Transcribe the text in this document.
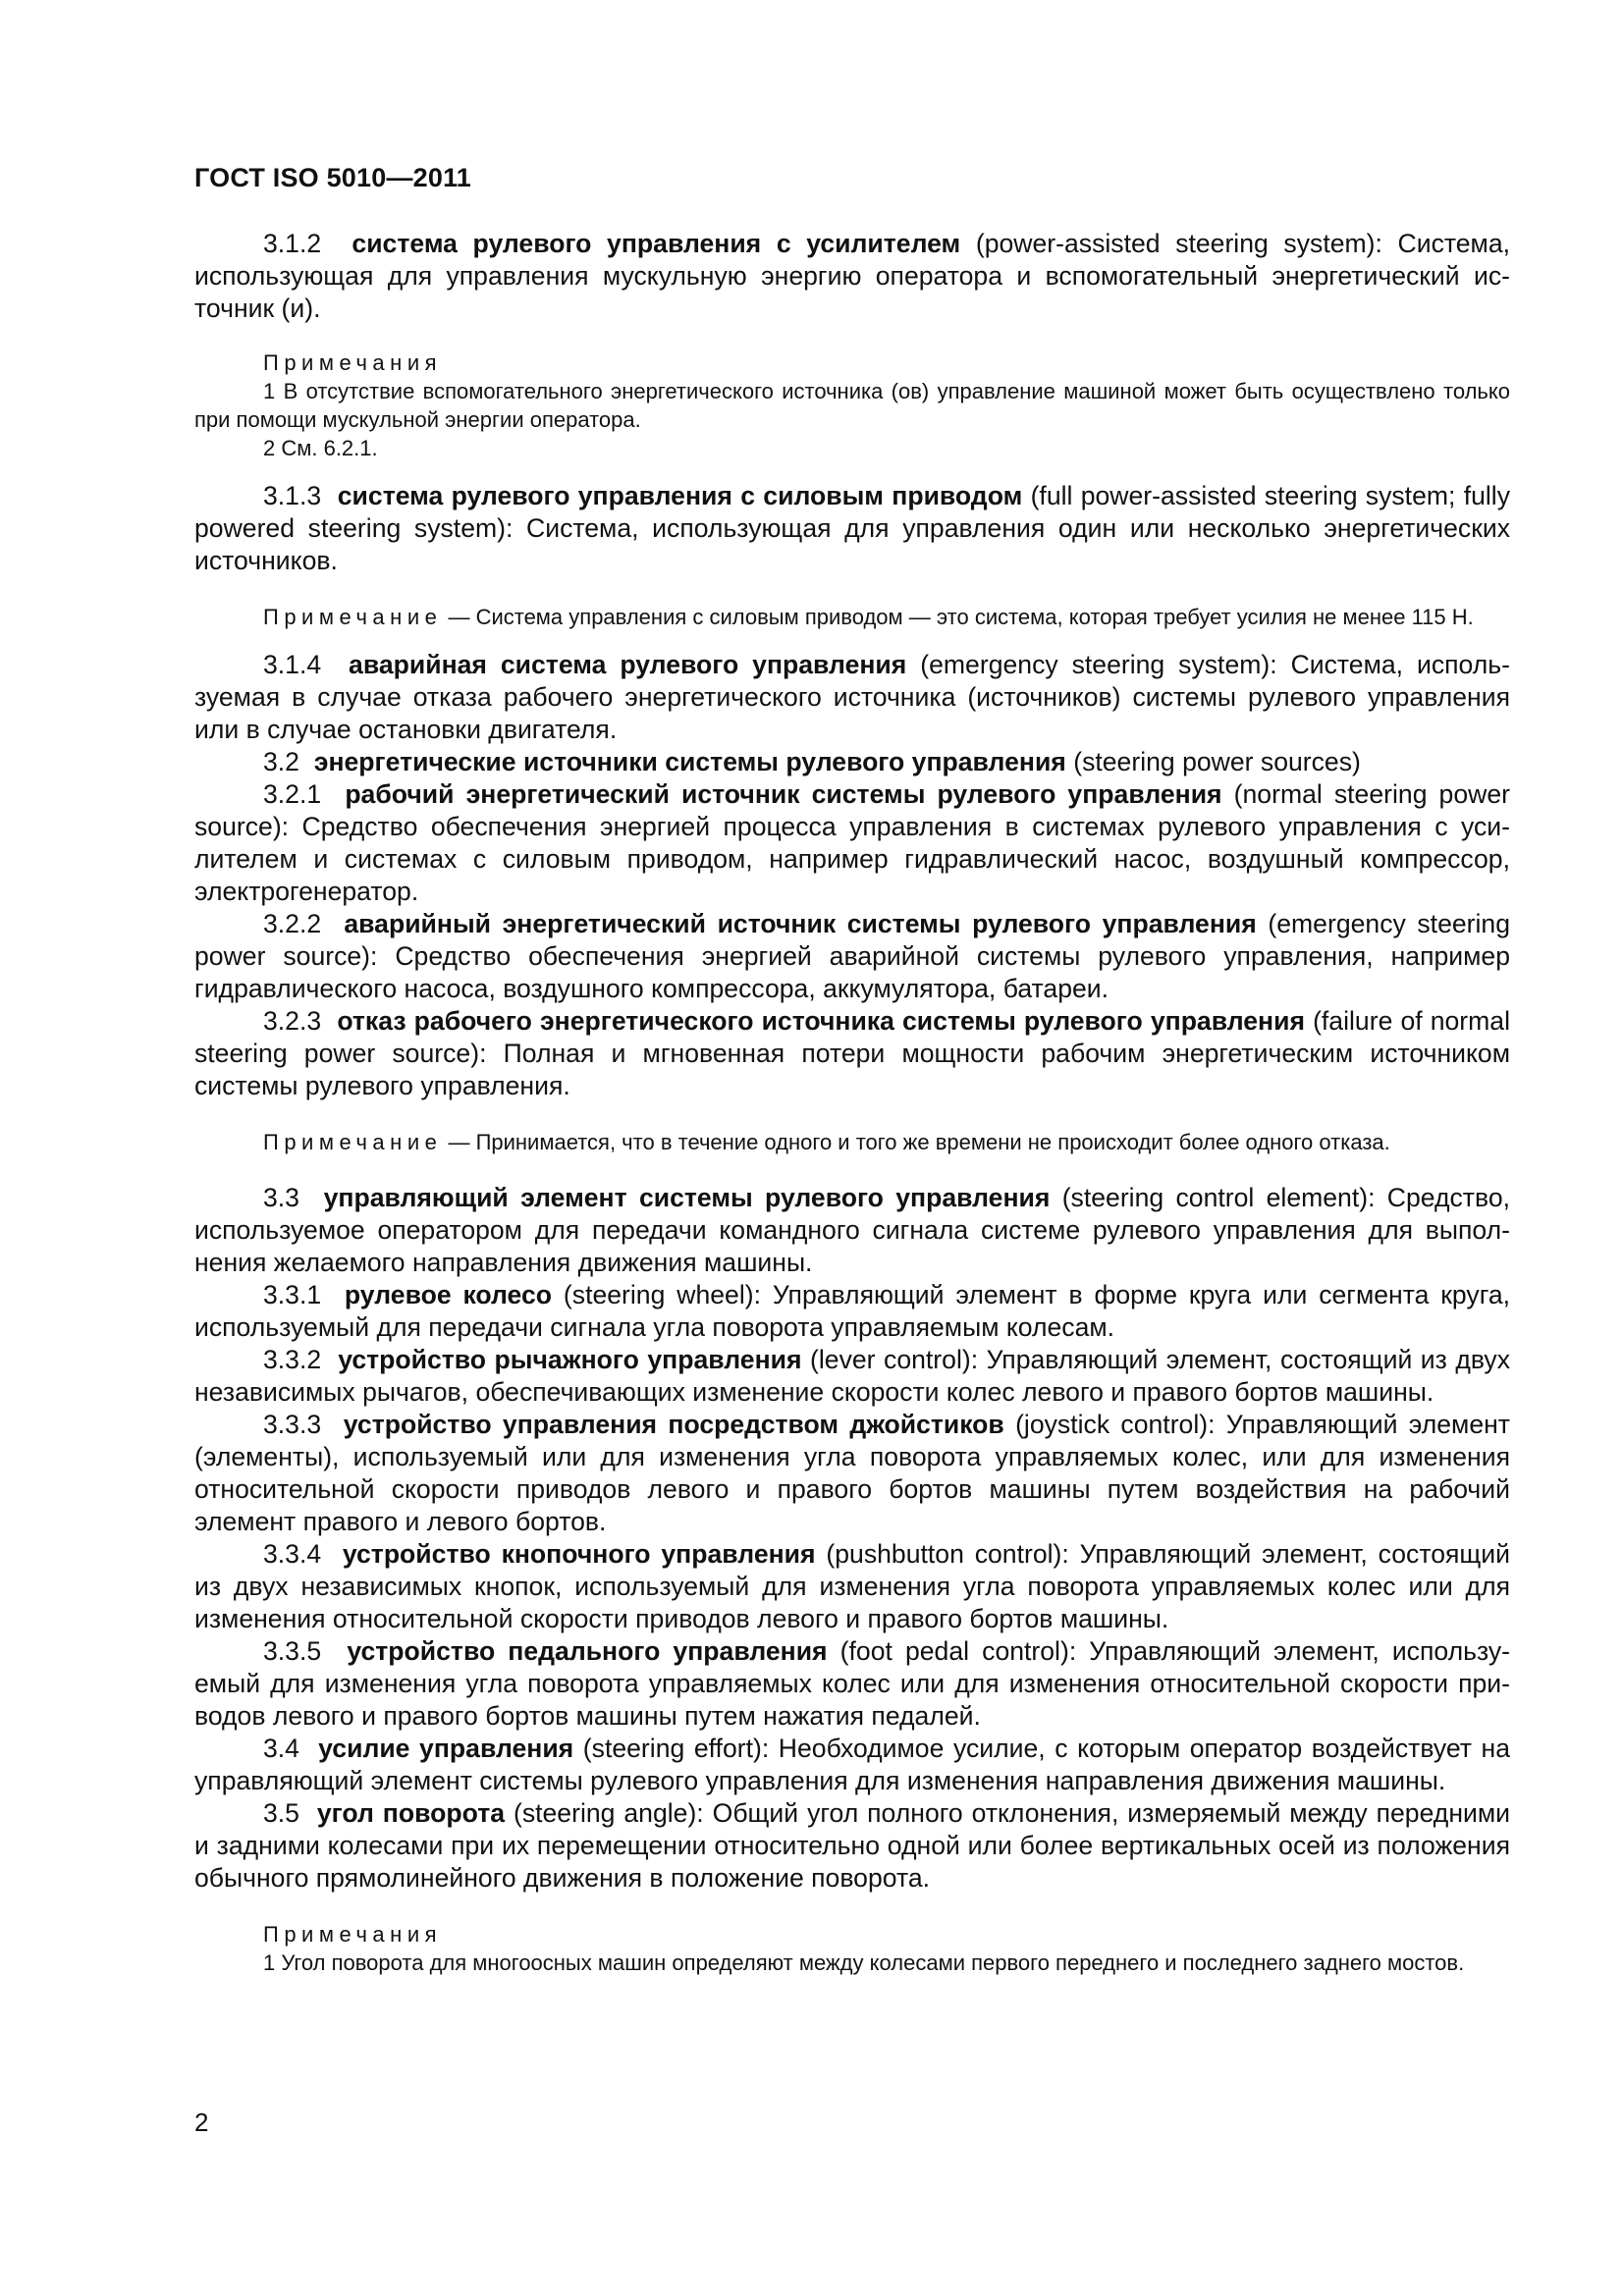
ГОСТ ISO 5010—2011

3.1.2 система рулевого управления с усилителем (power-assisted steering system): Система, использующая для управления мускульную энергию оператора и вспомогательный энергетический источник (и).

Примечания

1 В отсутствие вспомогательного энергетического источника (ов) управление машиной может быть осуществлено только при помощи мускульной энергии оператора.

2 См. 6.2.1.

3.1.3 система рулевого управления с силовым приводом (full power-assisted steering system; fully powered steering system): Система, использующая для управления один или несколько энергетических источников.

Примечание — Система управления с силовым приводом — это система, которая требует усилия не менее 115 Н.

3.1.4 аварийная система рулевого управления (emergency steering system): Система, используемая в случае отказа рабочего энергетического источника (источников) системы рулевого управления или в случае остановки двигателя.

3.2 энергетические источники системы рулевого управления (steering power sources)

3.2.1 рабочий энергетический источник системы рулевого управления (normal steering power source): Средство обеспечения энергией процесса управления в системах рулевого управления с усилителем и системах с силовым приводом, например гидравлический насос, воздушный компрессор, электрогенератор.

3.2.2 аварийный энергетический источник системы рулевого управления (emergency steering power source): Средство обеспечения энергией аварийной системы рулевого управления, например гидравлического насоса, воздушного компрессора, аккумулятора, батареи.

3.2.3 отказ рабочего энергетического источника системы рулевого управления (failure of normal steering power source): Полная и мгновенная потери мощности рабочим энергетическим источником системы рулевого управления.

Примечание — Принимается, что в течение одного и того же времени не происходит более одного отказа.

3.3 управляющий элемент системы рулевого управления (steering control element): Средство, используемое оператором для передачи командного сигнала системе рулевого управления для выполнения желаемого направления движения машины.

3.3.1 рулевое колесо (steering wheel): Управляющий элемент в форме круга или сегмента круга, используемый для передачи сигнала угла поворота управляемым колесам.

3.3.2 устройство рычажного управления (lever control): Управляющий элемент, состоящий из двух независимых рычагов, обеспечивающих изменение скорости колес левого и правого бортов машины.

3.3.3 устройство управления посредством джойстиков (joystick control): Управляющий элемент (элементы), используемый или для изменения угла поворота управляемых колес, или для изменения относительной скорости приводов левого и правого бортов машины путем воздействия на рабочий элемент правого и левого бортов.

3.3.4 устройство кнопочного управления (pushbutton control): Управляющий элемент, состоящий из двух независимых кнопок, используемый для изменения угла поворота управляемых колес или для изменения относительной скорости приводов левого и правого бортов машины.

3.3.5 устройство педального управления (foot pedal control): Управляющий элемент, используемый для изменения угла поворота управляемых колес или для изменения относительной скорости приводов левого и правого бортов машины путем нажатия педалей.

3.4 усилие управления (steering effort): Необходимое усилие, с которым оператор воздействует на управляющий элемент системы рулевого управления для изменения направления движения машины.

3.5 угол поворота (steering angle): Общий угол полного отклонения, измеряемый между передними и задними колесами при их перемещении относительно одной или более вертикальных осей из положения обычного прямолинейного движения в положение поворота.

Примечания

1 Угол поворота для многоосных машин определяют между колесами первого переднего и последнего заднего мостов.

2
